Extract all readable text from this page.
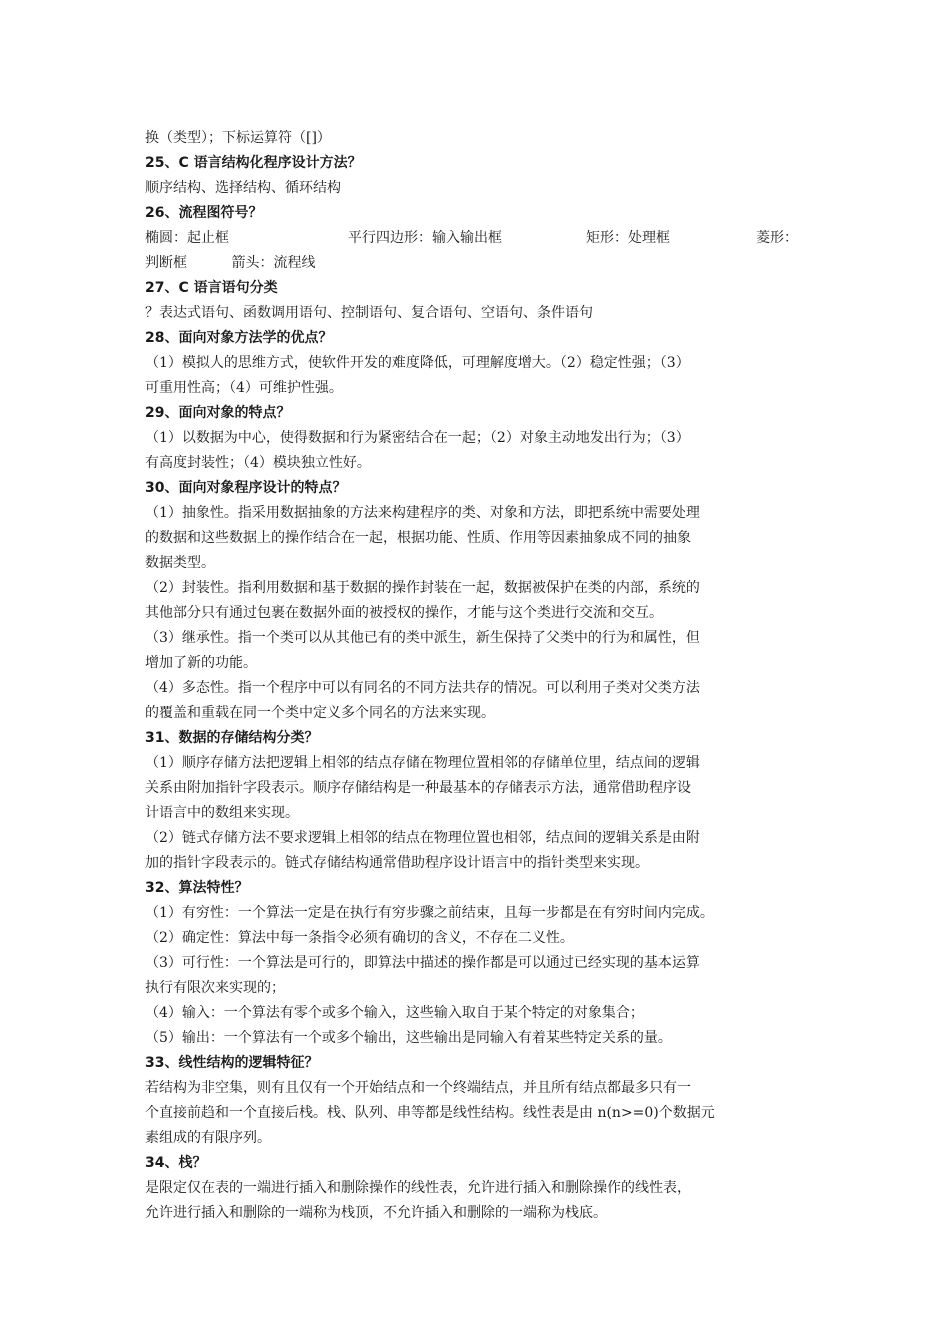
换（类型）；下标运算符（[]）
25、C 语言结构化程序设计方法？
顺序结构、选择结构、循环结构
26、流程图符号？
椭圆：起止框	平行四边形：输入输出框	矩形：处理框	菱形：
判断框          箭头：流程线
27、C 语言语句分类
？表达式语句、函数调用语句、控制语句、复合语句、空语句、条件语句
28、面向对象方法学的优点？
（1）模拟人的思维方式，使软件开发的难度降低，可理解度增大。（2）稳定性强；（3）
可重用性高；（4）可维护性强。
29、面向对象的特点？
（1）以数据为中心，使得数据和行为紧密结合在一起；（2）对象主动地发出行为；（3）
有高度封装性；（4）模块独立性好。
30、面向对象程序设计的特点？
（1）抽象性。指采用数据抽象的方法来构建程序的类、对象和方法，即把系统中需要处理
的数据和这些数据上的操作结合在一起，根据功能、性质、作用等因素抽象成不同的抽象
数据类型。
（2）封装性。指利用数据和基于数据的操作封装在一起，数据被保护在类的内部，系统的
其他部分只有通过包裹在数据外面的被授权的操作，才能与这个类进行交流和交互。
（3）继承性。指一个类可以从其他已有的类中派生，新生保持了父类中的行为和属性，但
增加了新的功能。
（4）多态性。指一个程序中可以有同名的不同方法共存的情况。可以利用子类对父类方法
的覆盖和重载在同一个类中定义多个同名的方法来实现。
31、数据的存储结构分类？
（1）顺序存储方法把逻辑上相邻的结点存储在物理位置相邻的存储单位里，结点间的逻辑
关系由附加指针字段表示。顺序存储结构是一种最基本的存储表示方法，通常借助程序设
计语言中的数组来实现。
（2）链式存储方法不要求逻辑上相邻的结点在物理位置也相邻，结点间的逻辑关系是由附
加的指针字段表示的。链式存储结构通常借助程序设计语言中的指针类型来实现。
32、算法特性？
（1）有穷性：一个算法一定是在执行有穷步骤之前结束，且每一步都是在有穷时间内完成。
（2）确定性：算法中每一条指令必须有确切的含义，不存在二义性。
（3）可行性：一个算法是可行的，即算法中描述的操作都是可以通过已经实现的基本运算
执行有限次来实现的；
（4）输入：一个算法有零个或多个输入，这些输入取自于某个特定的对象集合；
（5）输出：一个算法有一个或多个输出，这些输出是同输入有着某些特定关系的量。
33、线性结构的逻辑特征？
若结构为非空集，则有且仅有一个开始结点和一个终端结点，并且所有结点都最多只有一
个直接前趋和一个直接后栈。栈、队列、串等都是线性结构。线性表是由 n(n>=0)个数据元
素组成的有限序列。
34、栈？
是限定仅在表的一端进行插入和删除操作的线性表，允许进行插入和删除操作的线性表，
允许进行插入和删除的一端称为栈顶，不允许插入和删除的一端称为栈底。
